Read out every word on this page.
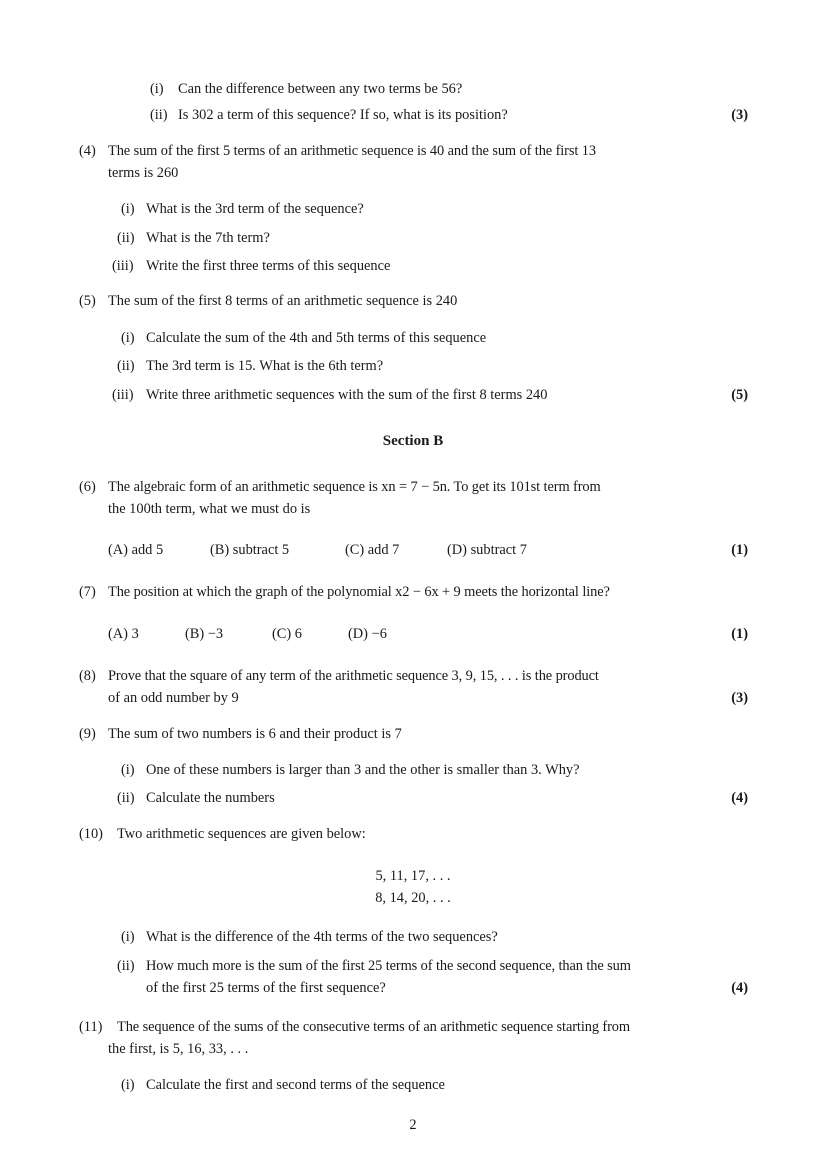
(i) Can the difference between any two terms be 56?
(ii) Is 302 a term of this sequence? If so, what is its position?	(3)
(4) The sum of the first 5 terms of an arithmetic sequence is 40 and the sum of the first 13
terms is 260
(i) What is the 3rd term of the sequence?
(ii) What is the 7th term?
(iii) Write the first three terms of this sequence
(5) The sum of the first 8 terms of an arithmetic sequence is 240
(i) Calculate the sum of the 4th and 5th terms of this sequence
(ii) The 3rd term is 15. What is the 6th term?
(iii) Write three arithmetic sequences with the sum of the first 8 terms 240	(5)
Section B
(6) The algebraic form of an arithmetic sequence is xn = 7 − 5n. To get its 101st term from
the 100th term, what we must do is
(A) add 5	(B) subtract 5	(C) add 7	(D) subtract 7	(1)
(7) The position at which the graph of the polynomial x2 − 6x + 9 meets the horizontal line?
(A) 3	(B) −3	(C) 6	(D) −6	(1)
(8) Prove that the square of any term of the arithmetic sequence 3, 9, 15, . . . is the product
of an odd number by 9	(3)
(9) The sum of two numbers is 6 and their product is 7
(i) One of these numbers is larger than 3 and the other is smaller than 3. Why?
(ii) Calculate the numbers	(4)
(10) Two arithmetic sequences are given below:
5, 11, 17, . . .
8, 14, 20, . . .
(i) What is the difference of the 4th terms of the two sequences?
(ii) How much more is the sum of the first 25 terms of the second sequence, than the sum
of the first 25 terms of the first sequence?	(4)
(11) The sequence of the sums of the consecutive terms of an arithmetic sequence starting from
the first, is 5, 16, 33, . . .
(i) Calculate the first and second terms of the sequence
2
